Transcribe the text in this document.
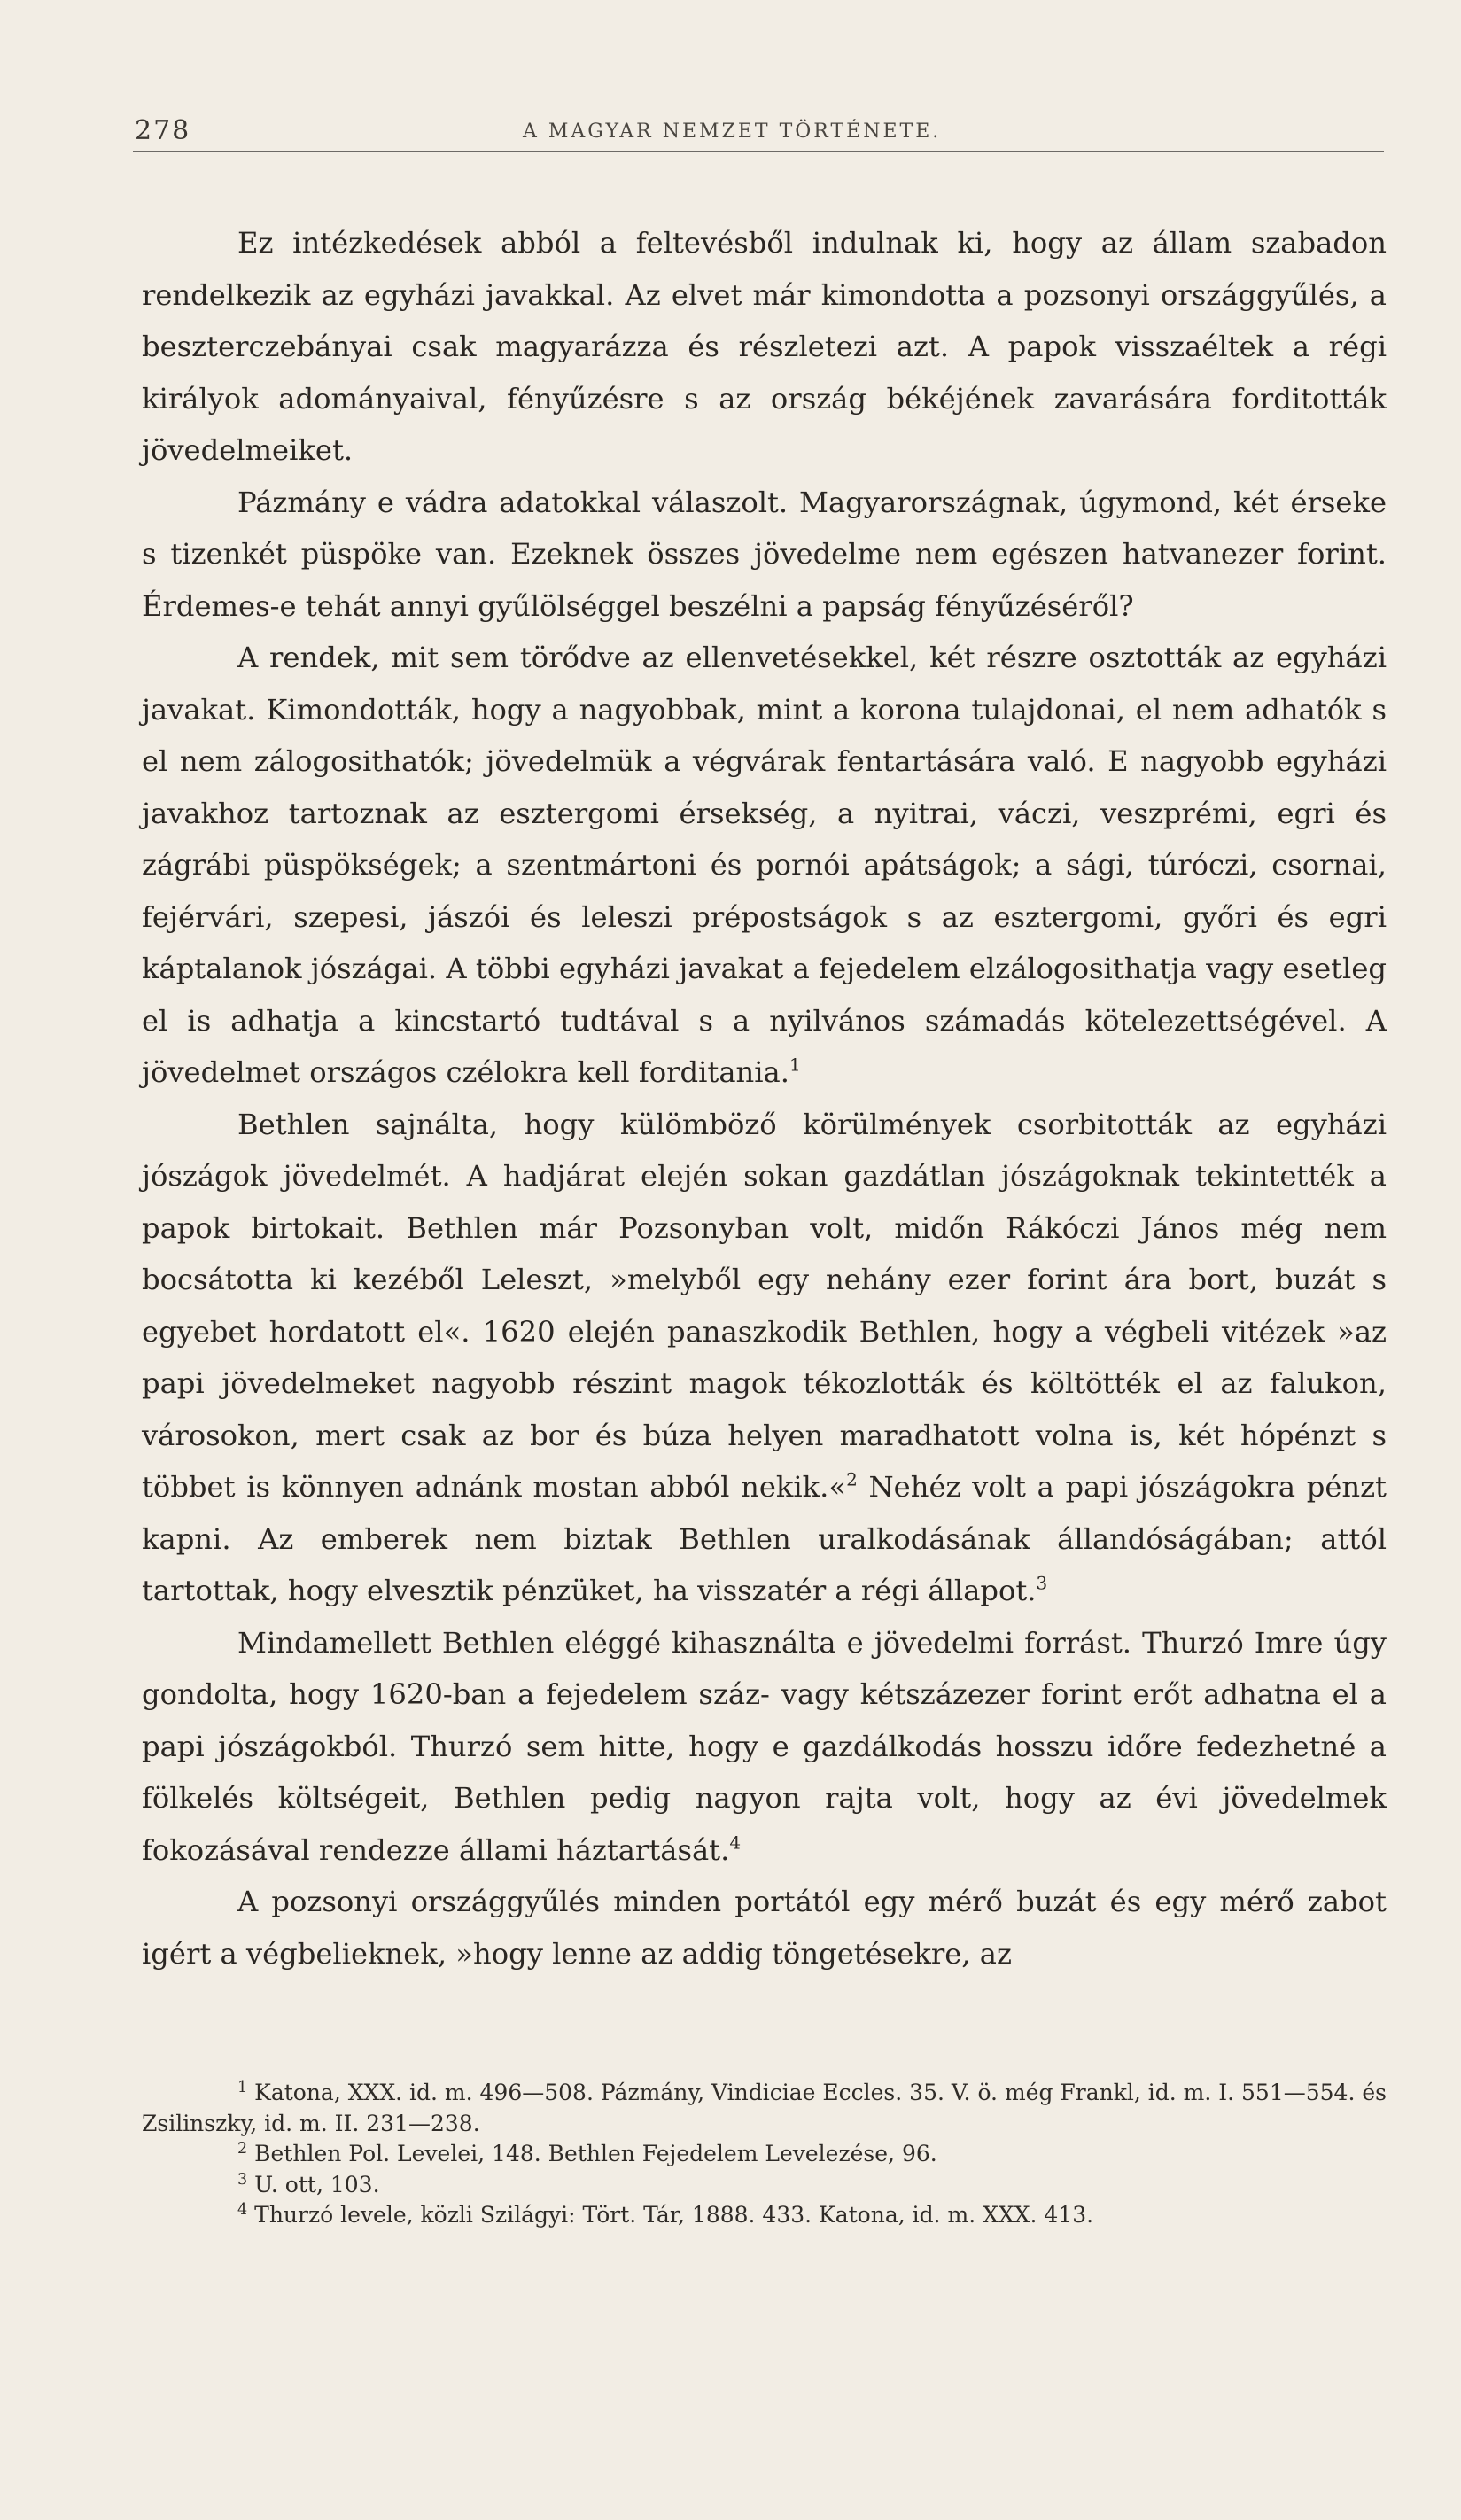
278	A MAGYAR NEMZET TÖRTÉNETE.

Ez intézkedések abból a feltevésből indulnak ki, hogy az állam szabadon rendelkezik az egyházi javakkal. Az elvet már kimondotta a pozsonyi országgyűlés, a beszterczebányai csak magyarázza és részletezi azt. A papok visszaéltek a régi királyok adományaival, fényűzésre s az ország békéjének zavarására forditották jövedelmeiket.

Pázmány e vádra adatokkal válaszolt. Magyarországnak, úgymond, két érseke s tizenkét püspöke van. Ezeknek összes jövedelme nem egészen hatvanezer forint. Érdemes-e tehát annyi gyűlölséggel beszélni a papság fényűzéséről?

A rendek, mit sem törődve az ellenvetésekkel, két részre osztották az egyházi javakat. Kimondották, hogy a nagyobbak, mint a korona tulajdonai, el nem adhatók s el nem zálogosithatók; jövedelmük a végvárak fentartására való. E nagyobb egyházi javakhoz tartoznak az esztergomi érsekség, a nyitrai, váczi, veszprémi, egri és zágrábi püspökségek; a szentmártoni és pornói apátságok; a sági, túróczi, csornai, fejérvári, szepesi, jászói és leleszi prépostságok s az esztergomi, győri és egri káptalanok jószágai. A többi egyházi javakat a fejedelem elzálogosithatja vagy esetleg el is adhatja a kincstartó tudtával s a nyilvános számadás kötelezettségével. A jövedelmet országos czélokra kell forditania.$^1$

Bethlen sajnálta, hogy külömböző körülmények csorbitották az egyházi jószágok jövedelmét. A hadjárat elején sokan gazdátlan jószágoknak tekintették a papok birtokait. Bethlen már Pozsonyban volt, midőn Rákóczi János még nem bocsátotta ki kezéből Leleszt, »melyből egy nehány ezer forint ára bort, buzát s egyebet hordatott el«. 1620 elején panaszkodik Bethlen, hogy a végbeli vitézek »az papi jövedelmeket nagyobb részint magok tékozlották és költötték el az falukon, városokon, mert csak az bor és búza helyen maradhatott volna is, két hópénzt s többet is könnyen adnánk mostan abból nekik.«$^2$ Nehéz volt a papi jószágokra pénzt kapni. Az emberek nem biztak Bethlen uralkodásának állandóságában; attól tartottak, hogy elvesztik pénzüket, ha visszatér a régi állapot.$^3$

Mindamellett Bethlen eléggé kihasználta e jövedelmi forrást. Thurzó Imre úgy gondolta, hogy 1620-ban a fejedelem száz- vagy kétszázezer forint erőt adhatna el a papi jószágokból. Thurzó sem hitte, hogy e gazdálkodás hosszu időre fedezhetné a fölkelés költségeit, Bethlen pedig nagyon rajta volt, hogy az évi jövedelmek fokozásával rendezze állami háztartását.$^4$

A pozsonyi országgyűlés minden portától egy mérő buzát és egy mérő zabot igért a végbelieknek, »hogy lenne az addig töngetésekre, az

$^1$ Katona, XXX. id. m. 496—508. Pázmány, Vindiciae Eccles. 35. V. ö. még Frankl, id. m. I. 551—554. és Zsilinszky, id. m. II. 231—238.

$^2$ Bethlen Pol. Levelei, 148. Bethlen Fejedelem Levelezése, 96.

$^3$ U. ott, 103.

$^4$ Thurzó levele, közli Szilágyi: Tört. Tár, 1888. 433. Katona, id. m. XXX. 413.
